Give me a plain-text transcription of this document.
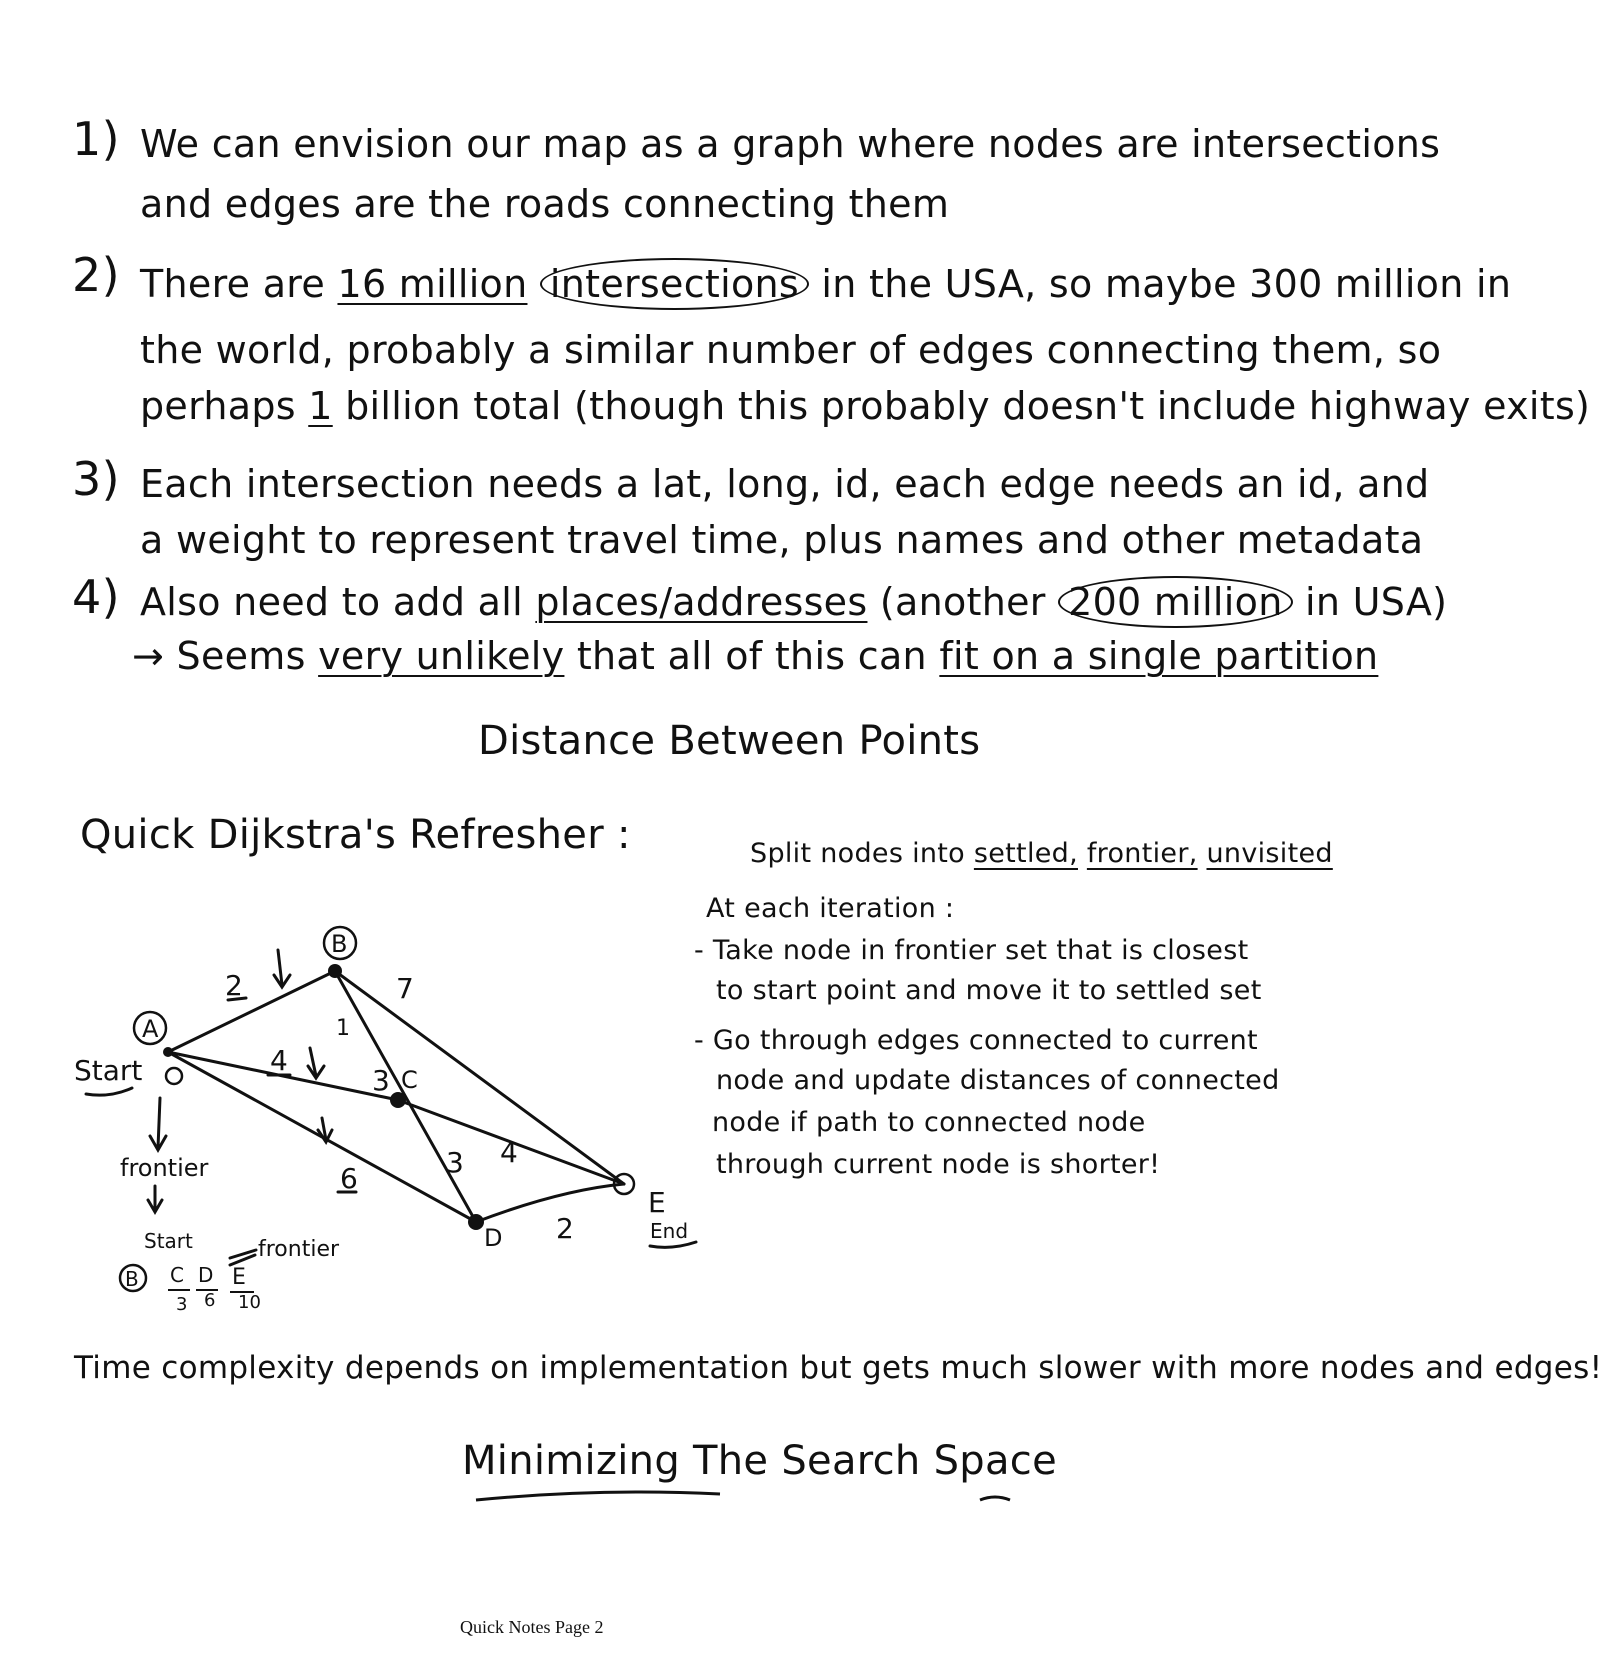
1) We can envision our map as a graph where nodes are intersections
and edges are the roads connecting them
2) There are 16 million intersections in the USA, so maybe 300 million in
the world, probably a similar number of edges connecting them, so
perhaps 1 billion total (though this probably doesn't include highway exits)
3) Each intersection needs a lat, long, id, each edge needs an id, and
a weight to represent travel time, plus names and other metadata
4) Also need to add all places/addresses (another 200 million in USA)
→ Seems very unlikely that all of this can fit on a single partition
Distance Between Points
Quick Dijkstra's Refresher :	Split nodes into settled, frontier, unvisited
At each iteration :
- Take node in frontier set that is closest
to start point and move it to settled set
- Go through edges connected to current
node and update distances of connected
node if path to connected node
through current node is shorter!
B
A
C
D
E
Start
End
2	7
1
4
3
3 4
6
2
frontier
Start	frontier
B C D E
3 6 10
Time complexity depends on implementation but gets much slower with more nodes and edges!
Minimizing The Search Space
Quick Notes Page 2
